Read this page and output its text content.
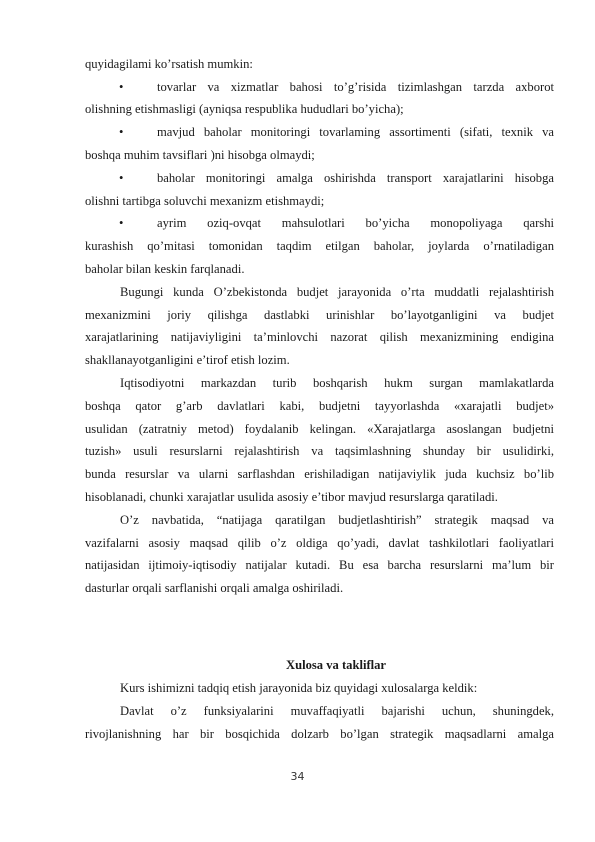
quyidagilami ko’rsatish mumkin:
•	tovarlar va xizmatlar bahosi to’g’risida tizimlashgan tarzda axborot
olishning etishmasligi (ayniqsa respublika hududlari bo’yicha);
•	mavjud baholar monitoringi tovarlaming assortimenti (sifati, texnik va
boshqa muhim tavsiflari )ni hisobga olmaydi;
•	baholar monitoringi amalga oshirishda transport xarajatlarini hisobga
olishni tartibga soluvchi mexanizm etishmaydi;
•	ayrim oziq-ovqat mahsulotlari bo’yicha monopoliyaga qarshi
kurashish qo’mitasi tomonidan taqdim etilgan baholar, joylarda o’rnatiladigan
baholar bilan keskin farqlanadi.
Bugungi kunda O’zbekistonda budjet jarayonida o’rta muddatli rejalashtirish
mexanizmini joriy qilishga dastlabki urinishlar bo’layotganligini va budjet
xarajatlarining natijaviyligini ta’minlovchi nazorat qilish mexanizmining endigina
shakllanayotganligini e’tirof etish lozim.
Iqtisodiyotni markazdan turib boshqarish hukm surgan mamlakatlarda
boshqa qator g’arb davlatlari kabi, budjetni tayyorlashda «xarajatli budjet»
usulidan (zatratniy metod) foydalanib kelingan. «Xarajatlarga asoslangan budjetni
tuzish» usuli resurslarni rejalashtirish va taqsimlashning shunday bir usulidirki,
bunda resurslar va ularni sarflashdan erishiladigan natijaviylik juda kuchsiz bo’lib
hisoblanadi, chunki xarajatlar usulida asosiy e’tibor mavjud resurslarga qaratiladi.
O’z navbatida, “natijaga qaratilgan budjetlashtirish” strategik maqsad va
vazifalarni asosiy maqsad qilib o’z oldiga qo’yadi, davlat tashkilotlari faoliyatlari
natijasidan ijtimoiy-iqtisodiy natijalar kutadi. Bu esa barcha resurslarni ma’lum bir
dasturlar orqali sarflanishi orqali amalga oshiriladi.
Xulosa va takliflar
Kurs ishimizni tadqiq etish jarayonida biz quyidagi xulosalarga keldik:
Davlat o’z funksiyalarini muvaffaqiyatli bajarishi uchun, shuningdek,
rivojlanishning har bir bosqichida dolzarb bo’lgan strategik maqsadlarni amalga
34
